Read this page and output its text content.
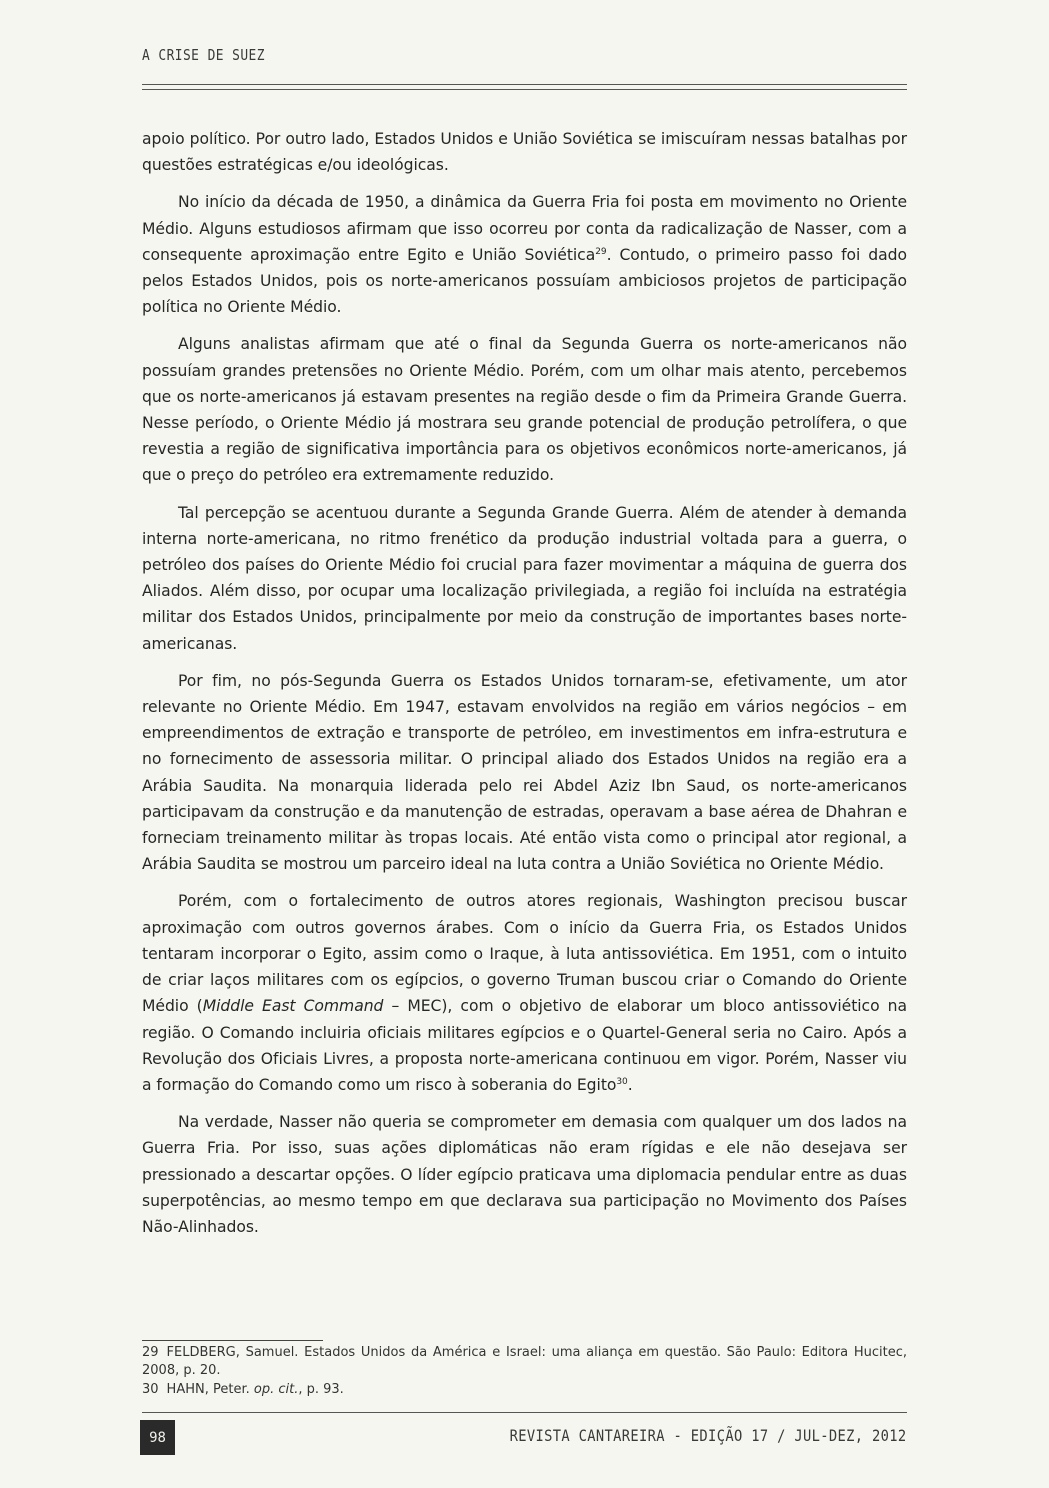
A CRISE DE SUEZ

apoio político. Por outro lado, Estados Unidos e União Soviética se imiscuíram nessas batalhas por questões estratégicas e/ou ideológicas.

No início da década de 1950, a dinâmica da Guerra Fria foi posta em movimento no Oriente Médio. Alguns estudiosos afirmam que isso ocorreu por conta da radicalização de Nasser, com a consequente aproximação entre Egito e União Soviética$^{29}$. Contudo, o primeiro passo foi dado pelos Estados Unidos, pois os norte-americanos possuíam ambiciosos projetos de participação política no Oriente Médio.

Alguns analistas afirmam que até o final da Segunda Guerra os norte-americanos não possuíam grandes pretensões no Oriente Médio. Porém, com um olhar mais atento, percebemos que os norte-americanos já estavam presentes na região desde o fim da Primeira Grande Guerra. Nesse período, o Oriente Médio já mostrara seu grande potencial de produção petrolífera, o que revestia a região de significativa importância para os objetivos econômicos norte-americanos, já que o preço do petróleo era extremamente reduzido.

Tal percepção se acentuou durante a Segunda Grande Guerra. Além de atender à demanda interna norte-americana, no ritmo frenético da produção industrial voltada para a guerra, o petróleo dos países do Oriente Médio foi crucial para fazer movimentar a máquina de guerra dos Aliados. Além disso, por ocupar uma localização privilegiada, a região foi incluída na estratégia militar dos Estados Unidos, principalmente por meio da construção de importantes bases norte-americanas.

Por fim, no pós-Segunda Guerra os Estados Unidos tornaram-se, efetivamente, um ator relevante no Oriente Médio. Em 1947, estavam envolvidos na região em vários negócios – em empreendimentos de extração e transporte de petróleo, em investimentos em infra-estrutura e no fornecimento de assessoria militar. O principal aliado dos Estados Unidos na região era a Arábia Saudita. Na monarquia liderada pelo rei Abdel Aziz Ibn Saud, os norte-americanos participavam da construção e da manutenção de estradas, operavam a base aérea de Dhahran e forneciam treinamento militar às tropas locais. Até então vista como o principal ator regional, a Arábia Saudita se mostrou um parceiro ideal na luta contra a União Soviética no Oriente Médio.

Porém, com o fortalecimento de outros atores regionais, Washington precisou buscar aproximação com outros governos árabes. Com o início da Guerra Fria, os Estados Unidos tentaram incorporar o Egito, assim como o Iraque, à luta antissoviética. Em 1951, com o intuito de criar laços militares com os egípcios, o governo Truman buscou criar o Comando do Oriente Médio (Middle East Command – MEC), com o objetivo de elaborar um bloco antissoviético na região. O Comando incluiria oficiais militares egípcios e o Quartel-General seria no Cairo. Após a Revolução dos Oficiais Livres, a proposta norte-americana continuou em vigor. Porém, Nasser viu a formação do Comando como um risco à soberania do Egito$^{30}$.

Na verdade, Nasser não queria se comprometer em demasia com qualquer um dos lados na Guerra Fria. Por isso, suas ações diplomáticas não eram rígidas e ele não desejava ser pressionado a descartar opções. O líder egípcio praticava uma diplomacia pendular entre as duas superpotências, ao mesmo tempo em que declarava sua participação no Movimento dos Países Não-Alinhados.

29 FELDBERG, Samuel. Estados Unidos da América e Israel: uma aliança em questão. São Paulo: Editora Hucitec, 2008, p. 20.

30 HAHN, Peter. op. cit., p. 93.

98	REVISTA CANTAREIRA - EDIÇÃO 17 / JUL-DEZ, 2012
